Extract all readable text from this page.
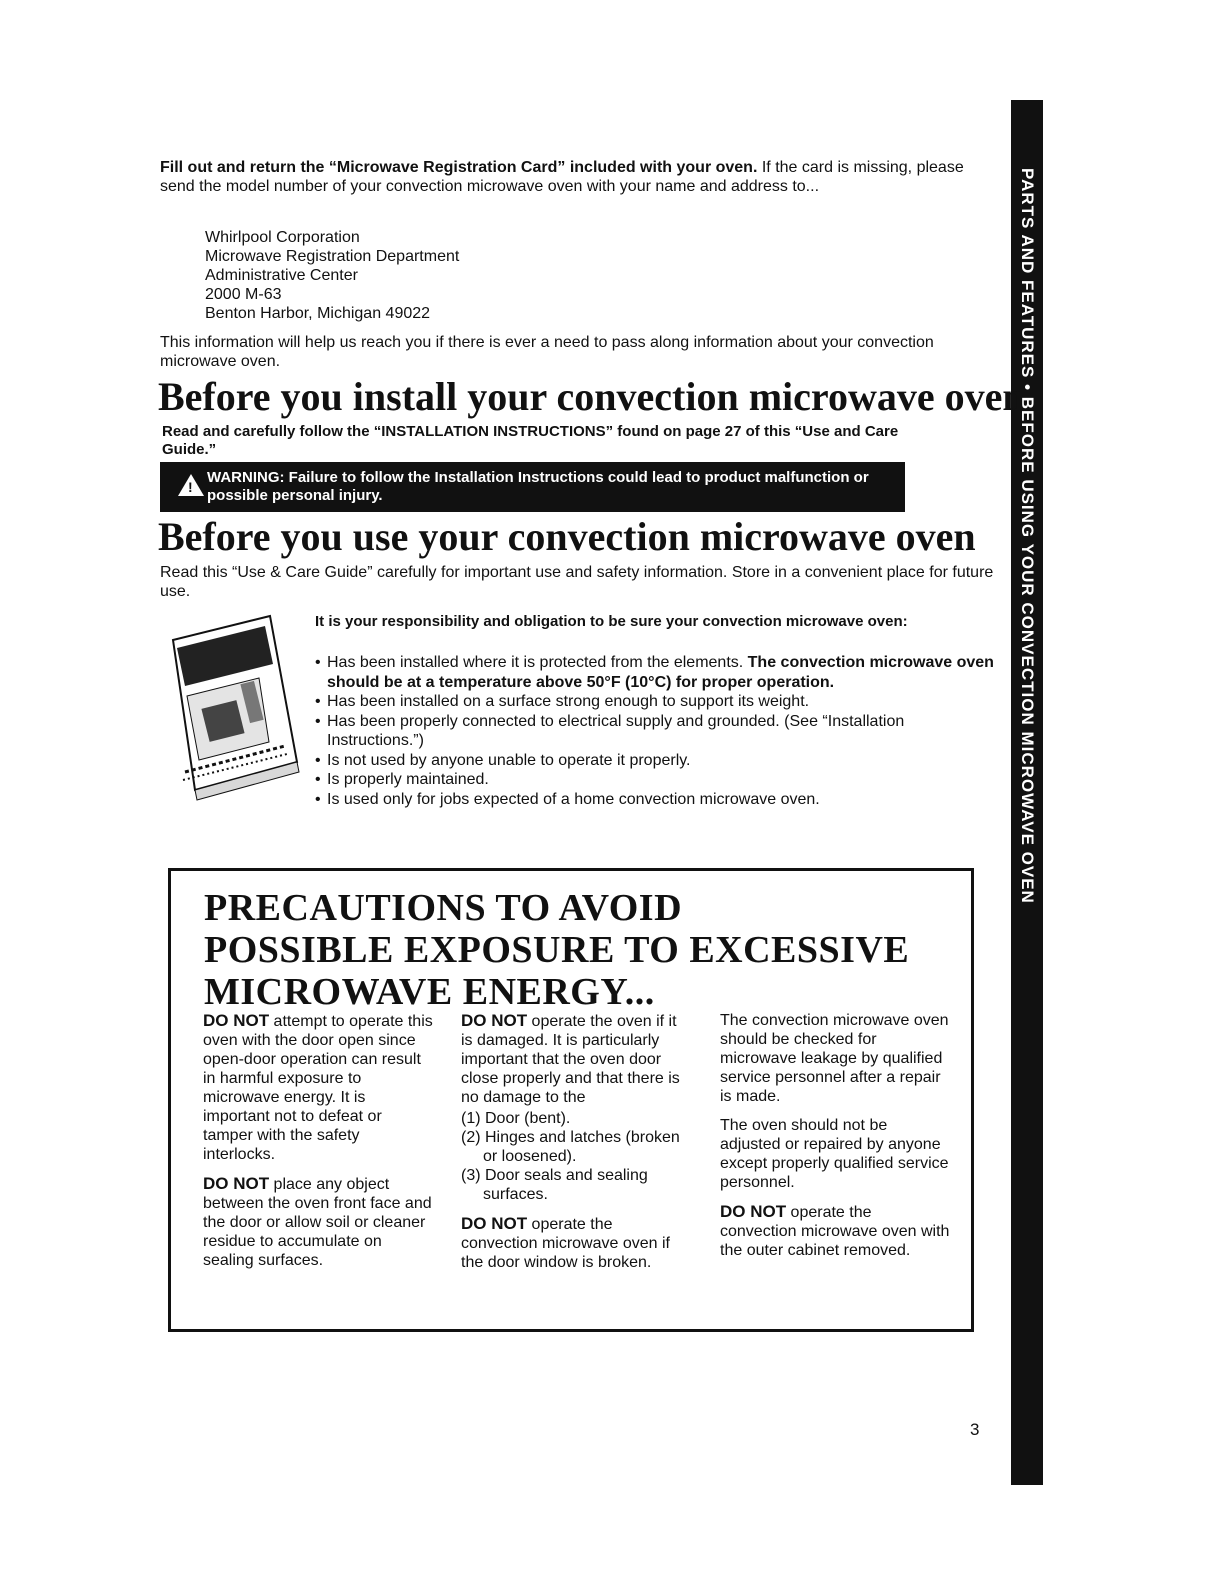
PARTS AND FEATURES • BEFORE USING YOUR CONVECTION MICROWAVE OVEN
Fill out and return the “Microwave Registration Card” included with your oven. If the card is missing, please send the model number of your convection microwave oven with your name and address to...
Whirlpool Corporation
Microwave Registration Department
Administrative Center
2000 M-63
Benton Harbor, Michigan 49022
This information will help us reach you if there is ever a need to pass along information about your convection microwave oven.
Before you install your convection microwave oven
Read and carefully follow the “INSTALLATION INSTRUCTIONS” found on page 27 of this “Use and Care Guide.”
!
WARNING: Failure to follow the Installation Instructions could lead to product malfunction or possible personal injury.
Before you use your convection microwave oven
Read this “Use & Care Guide” carefully for important use and safety information. Store in a convenient place for future use.
It is your responsibility and obligation to be sure your convection microwave oven:
• Has been installed where it is protected from the elements. The convection microwave oven should be at a temperature above 50°F (10°C) for proper operation.
• Has been installed on a surface strong enough to support its weight.
• Has been properly connected to electrical supply and grounded. (See “Installation Instructions.”)
• Is not used by anyone unable to operate it properly.
• Is properly maintained.
• Is used only for jobs expected of a home convection microwave oven.
PRECAUTIONS TO AVOID
POSSIBLE EXPOSURE TO EXCESSIVE
MICROWAVE ENERGY...

DO NOT attempt to operate this oven with the door open since open-door operation can result in harmful exposure to microwave energy. It is important not to defeat or tamper with the safety interlocks.

DO NOT place any object between the oven front face and the door or allow soil or cleaner residue to accumulate on sealing surfaces.

DO NOT operate the oven if it is damaged. It is particularly important that the oven door close properly and that there is no damage to the

(1) Door (bent).
(2) Hinges and latches (broken or loosened).
(3) Door seals and sealing surfaces.

DO NOT operate the convection microwave oven if the door window is broken.

The convection microwave oven should be checked for microwave leakage by qualified service personnel after a repair is made.

The oven should not be adjusted or repaired by anyone except properly qualified service personnel.

DO NOT operate the convection microwave oven with the outer cabinet removed.

3
